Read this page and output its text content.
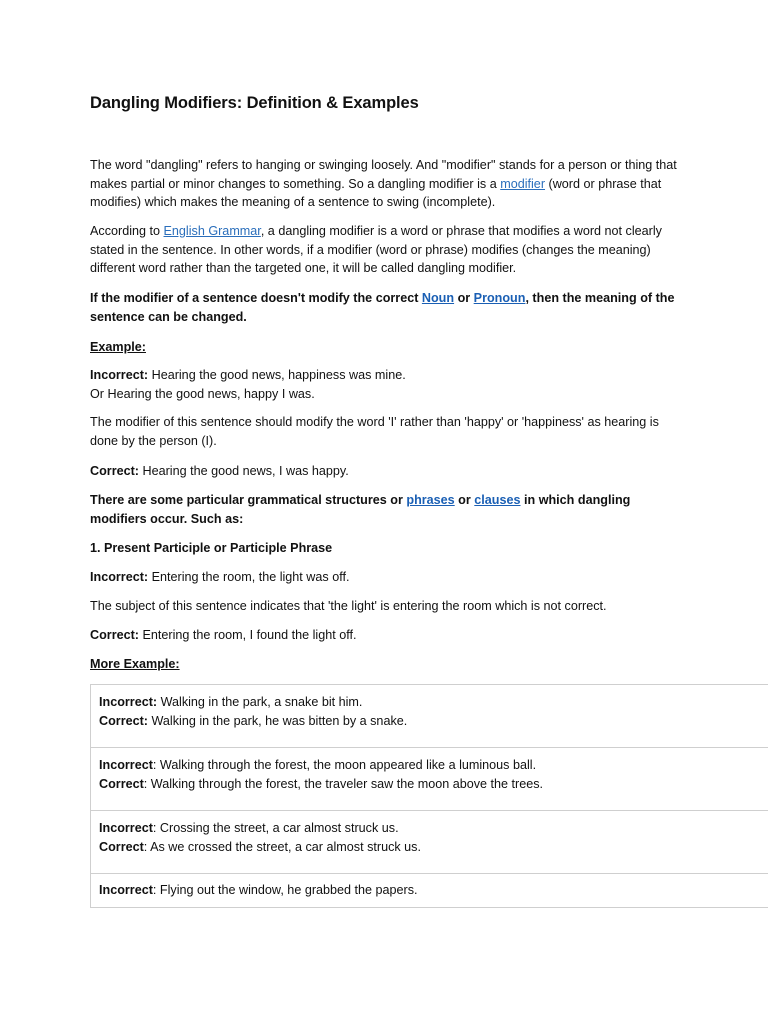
Dangling Modifiers: Definition & Examples

The word "dangling" refers to hanging or swinging loosely. And "modifier" stands for a person or thing that makes partial or minor changes to something. So a dangling modifier is a modifier (word or phrase that modifies) which makes the meaning of a sentence to swing (incomplete).

According to English Grammar, a dangling modifier is a word or phrase that modifies a word not clearly stated in the sentence. In other words, if a modifier (word or phrase) modifies (changes the meaning) different word rather than the targeted one, it will be called dangling modifier.

If the modifier of a sentence doesn't modify the correct Noun or Pronoun, then the meaning of the sentence can be changed.

Example:

Incorrect: Hearing the good news, happiness was mine.
Or Hearing the good news, happy I was.

The modifier of this sentence should modify the word 'I' rather than 'happy' or 'happiness' as hearing is done by the person (I).

Correct: Hearing the good news, I was happy.

There are some particular grammatical structures or phrases or clauses in which dangling modifiers occur. Such as:

1. Present Participle or Participle Phrase

Incorrect: Entering the room, the light was off.

The subject of this sentence indicates that 'the light' is entering the room which is not correct.

Correct: Entering the room, I found the light off.

More Example:

Incorrect: Walking in the park, a snake bit him.
Correct: Walking in the park, he was bitten by a snake.
Incorrect: Walking through the forest, the moon appeared like a luminous ball.
Correct: Walking through the forest, the traveler saw the moon above the trees.
Incorrect: Crossing the street, a car almost struck us.
Correct: As we crossed the street, a car almost struck us.
Incorrect: Flying out the window, he grabbed the papers.
